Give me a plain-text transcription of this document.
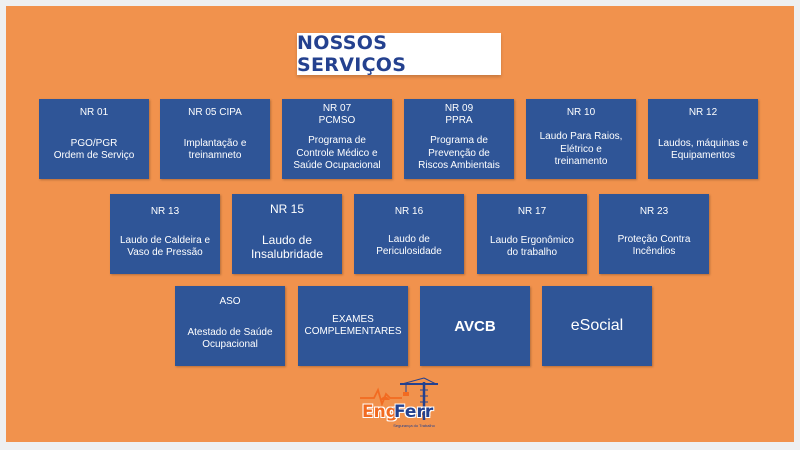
NOSSOS SERVIÇOS
NR 01
PGO/PGR
Ordem de Serviço
NR 05 CIPA
Implantação e
treinamneto
NR 07
PCMSO
Programa de
Controle Médico e
Saúde Ocupacional
NR 09
PPRA
Programa de
Prevenção de
Riscos Ambientais
NR 10
Laudo Para Raios,
Elétrico e
treinamento
NR 12
Laudos, máquinas e
Equipamentos
NR 13
Laudo de Caldeira e
Vaso de Pressão
NR 15
Laudo de
Insalubridade
NR 16
Laudo de
Periculosidade
NR 17
Laudo Ergonômico
do trabalho
NR 23
Proteção Contra
Incêndios
ASO
Atestado de Saúde
Ocupacional
EXAMES
COMPLEMENTARES	AVCB	eSocial
Eng
Ferr
Segurança do Trabalho
